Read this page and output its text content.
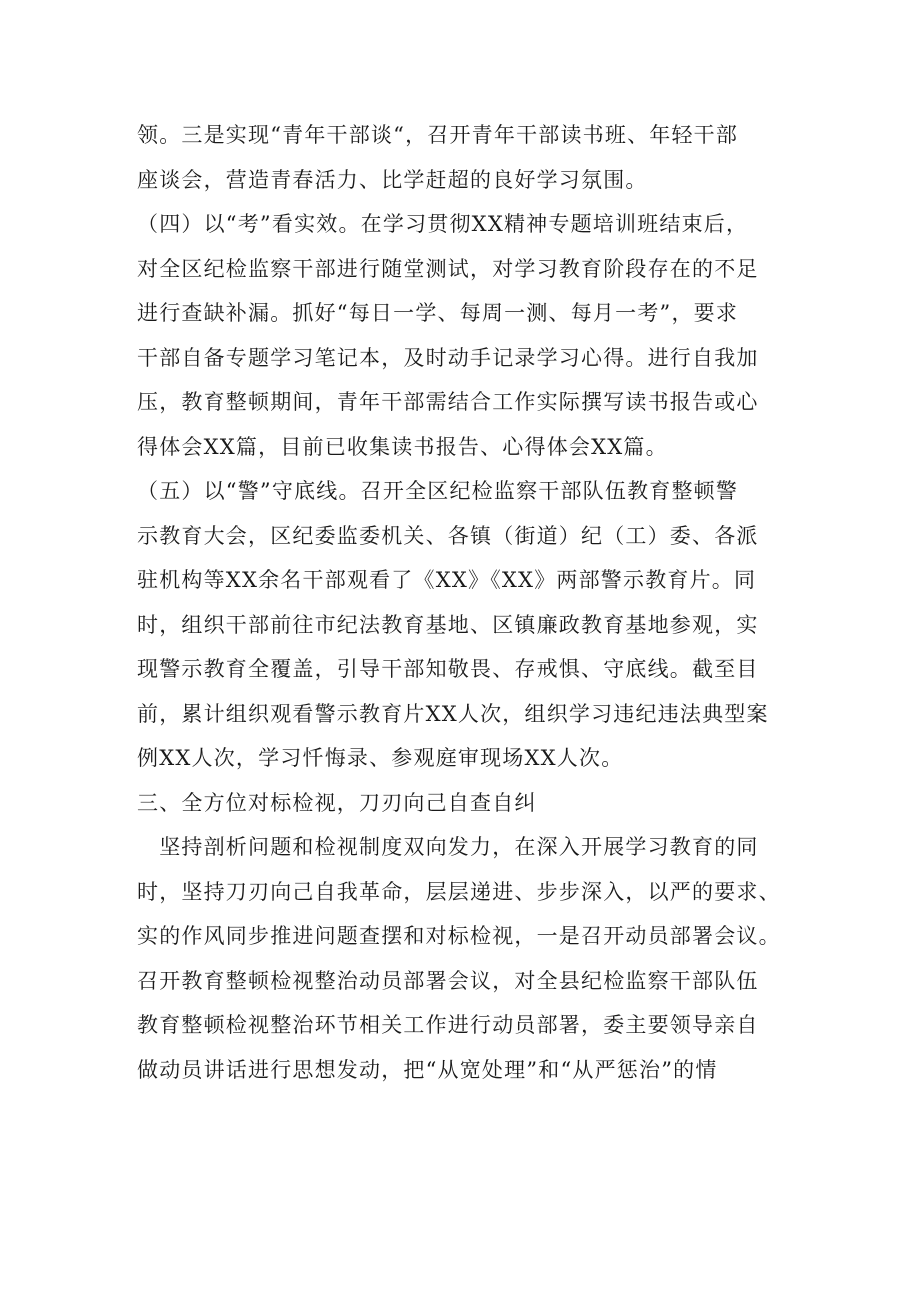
领。三是实现“青年干部谈“，召开青年干部读书班、年轻干部
座谈会，营造青春活力、比学赶超的良好学习氛围。
（四）以“考”看实效。在学习贯彻XX精神专题培训班结束后，
对全区纪检监察干部进行随堂测试，对学习教育阶段存在的不足
进行查缺补漏。抓好“每日一学、每周一测、每月一考”，要求
干部自备专题学习笔记本，及时动手记录学习心得。进行自我加
压，教育整顿期间，青年干部需结合工作实际撰写读书报告或心
得体会XX篇，目前已收集读书报告、心得体会XX篇。
（五）以“警”守底线。召开全区纪检监察干部队伍教育整顿警
示教育大会，区纪委监委机关、各镇（街道）纪（工）委、各派
驻机构等XX余名干部观看了《XX》《XX》两部警示教育片。同
时，组织干部前往市纪法教育基地、区镇廉政教育基地参观，实
现警示教育全覆盖，引导干部知敬畏、存戒惧、守底线。截至目
前，累计组织观看警示教育片XX人次，组织学习违纪违法典型案
例XX人次，学习忏悔录、参观庭审现场XX人次。
三、全方位对标检视，刀刃向己自查自纠
　坚持剖析问题和检视制度双向发力，在深入开展学习教育的同
时，坚持刀刃向己自我革命，层层递进、步步深入，以严的要求、
实的作风同步推进问题查摆和对标检视，一是召开动员部署会议。
召开教育整顿检视整治动员部署会议，对全县纪检监察干部队伍
教育整顿检视整治环节相关工作进行动员部署，委主要领导亲自
做动员讲话进行思想发动，把“从宽处理”和“从严惩治”的情
